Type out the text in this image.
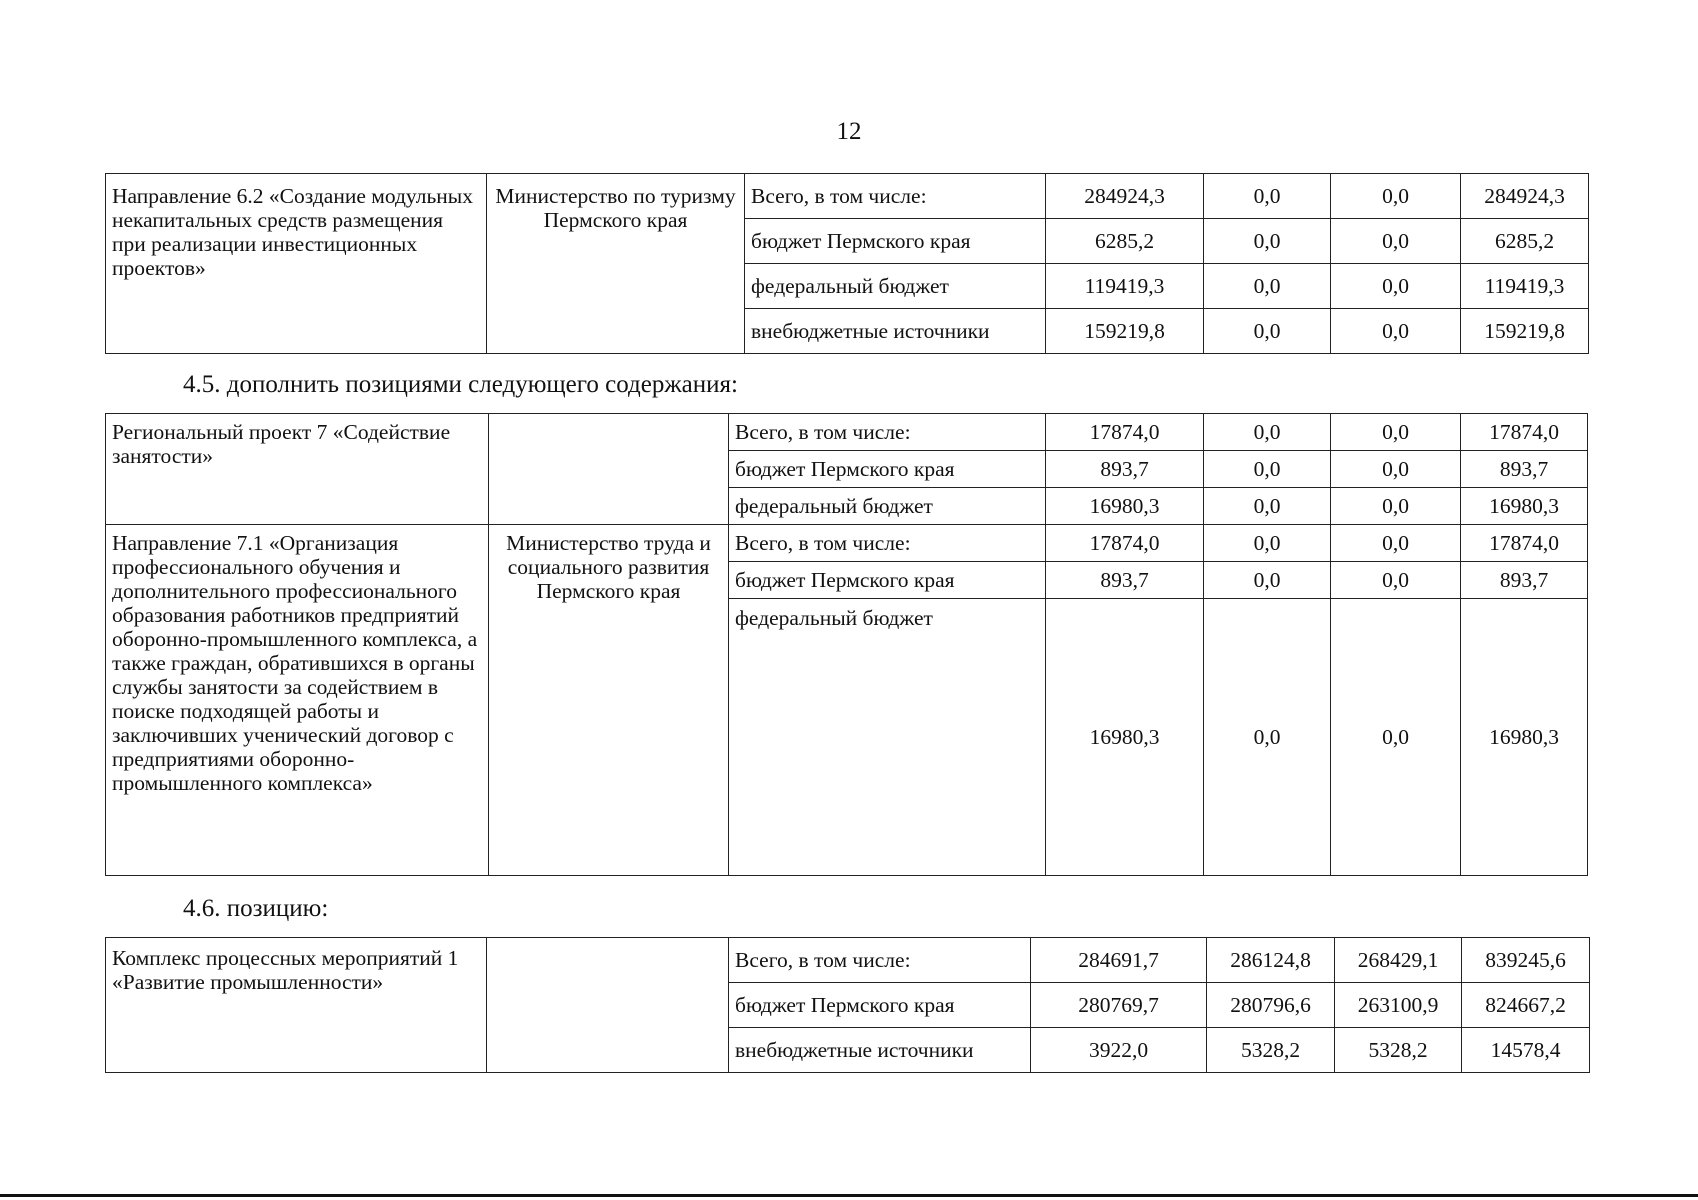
12
Направление 6.2 «Создание модульных некапитальных средств размещения при реализации инвестиционных проектов»	Министерство по туризму Пермского края	Всего, в том числе:	284924,3	0,0	0,0	284924,3
		бюджет Пермского края	6285,2	0,0	0,0	6285,2
		федеральный бюджет	119419,3	0,0	0,0	119419,3
		внебюджетные источники	159219,8	0,0	0,0	159219,8
4.5. дополнить позициями следующего содержания:
Региональный проект 7 «Содействие занятости»		Всего, в том числе:	17874,0	0,0	0,0	17874,0
		бюджет Пермского края	893,7	0,0	0,0	893,7
		федеральный бюджет	16980,3	0,0	0,0	16980,3
Направление 7.1 «Организация профессионального обучения и дополнительного профессионального образования работников предприятий оборонно-промышленного комплекса, а также граждан, обратившихся в органы службы занятости за содействием в поиске подходящей работы и заключивших ученический договор с предприятиями оборонно-промышленного комплекса»	Министерство труда и социального развития Пермского края	Всего, в том числе:	17874,0	0,0	0,0	17874,0
		бюджет Пермского края	893,7	0,0	0,0	893,7
		федеральный бюджет	16980,3	0,0	0,0	16980,3
4.6. позицию:
Комплекс процессных мероприятий 1 «Развитие промышленности»		Всего, в том числе:	284691,7	286124,8	268429,1	839245,6
		бюджет Пермского края	280769,7	280796,6	263100,9	824667,2
		внебюджетные источники	3922,0	5328,2	5328,2	14578,4
